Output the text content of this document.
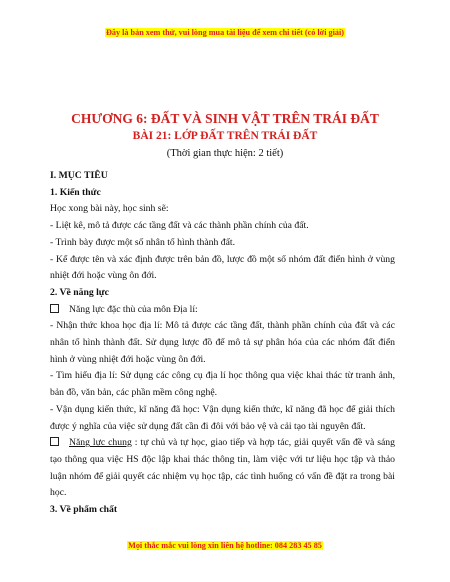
Đây là bản xem thử, vui lòng mua tài liệu để xem chi tiết (có lời giải)
CHƯƠNG 6: ĐẤT VÀ SINH VẬT TRÊN TRÁI ĐẤT
BÀI 21: LỚP ĐẤT TRÊN TRÁI ĐẤT
(Thời gian thực hiện: 2 tiết)

I. MỤC TIÊU

1. Kiến thức

Học xong bài này, học sinh sẽ:

- Liệt kê, mô tả được các tầng đất và các thành phần chính của đất.

- Trình bày được một số nhân tố hình thành đất.

- Kể được tên và xác định được trên bản đồ, lược đồ một số nhóm đất điển hình ở vùng nhiệt đới hoặc vùng ôn đới.

2. Về năng lực

Năng lực đặc thù của môn Địa lí:

- Nhận thức khoa học địa lí: Mô tả được các tầng đất, thành phần chính của đất và các nhân tố hình thành đất. Sử dụng lược đồ để mô tả sự phân hóa của các nhóm đất điển hình ở vùng nhiệt đới hoặc vùng ôn đới.

- Tìm hiểu địa lí: Sử dụng các công cụ địa lí học thông qua việc khai thác từ tranh ảnh, bản đồ, văn bản, các phần mềm công nghệ.

- Vận dụng kiến thức, kĩ năng đã học: Vận dụng kiến thức, kĩ năng đã học để giải thích được ý nghĩa của việc sử dụng đất cần đi đôi với bảo vệ và cải tạo tài nguyên đất.

Năng lực chung : tự chủ và tự học, giao tiếp và hợp tác, giải quyết vấn đề và sáng tạo thông qua việc HS độc lập khai thác thông tin, làm việc với tư liệu học tập và thảo luận nhóm để giải quyết các nhiệm vụ học tập, các tình huống có vấn đề đặt ra trong bài học.

3. Về phẩm chất

Mọi thắc mắc vui lòng xin liên hệ hotline: 084 283 45 85
